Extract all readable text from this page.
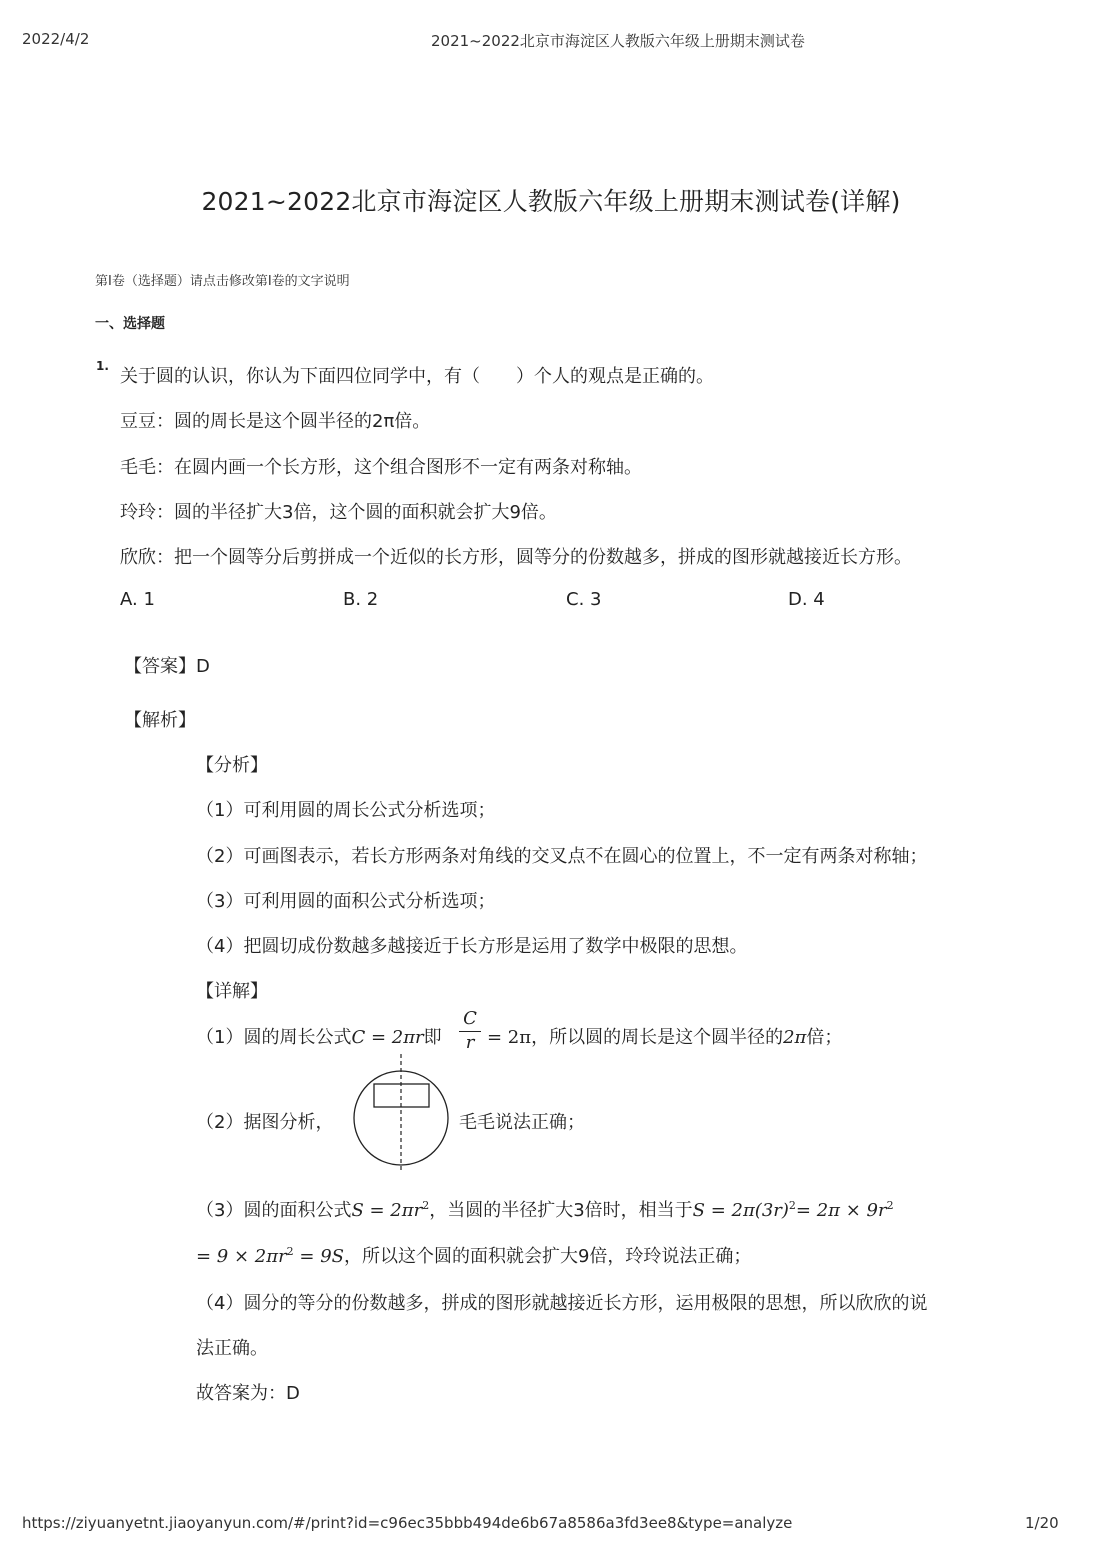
2022/4/2	2021~2022北京市海淀区人教版六年级上册期末测试卷
2021~2022北京市海淀区人教版六年级上册期末测试卷(详解)
第Ⅰ卷（选择题）请点击修改第Ⅰ卷的文字说明
一、选择题
1. 关于圆的认识，你认为下面四位同学中，有（　　）个人的观点是正确的。
豆豆：圆的周长是这个圆半径的2π倍。
毛毛：在圆内画一个长方形，这个组合图形不一定有两条对称轴。
玲玲：圆的半径扩大3倍，这个圆的面积就会扩大9倍。
欣欣：把一个圆等分后剪拼成一个近似的长方形，圆等分的份数越多，拼成的图形就越接近长方形。
A. 1	B. 2	C. 3	D. 4
【答案】D
【解析】
【分析】
（1）可利用圆的周长公式分析选项；
（2）可画图表示，若长方形两条对角线的交叉点不在圆心的位置上，不一定有两条对称轴；
（3）可利用圆的面积公式分析选项；
（4）把圆切成份数越多越接近于长方形是运用了数学中极限的思想。
【详解】
（1）圆的周长公式C = 2πr即 $\frac{C}{r} = 2\pi$，所以圆的周长是这个圆半径的2π倍；
（2）据图分析，	毛毛说法正确；
（3）圆的面积公式$S = 2\pi r^2$，当圆的半径扩大3倍时，相当于$S = 2\pi(3r)^2= 2\pi \times 9r^2$
= $9 \times 2\pi r^2 = 9S$，所以这个圆的面积就会扩大9倍，玲玲说法正确；
（4）圆分的等分的份数越多，拼成的图形就越接近长方形，运用极限的思想，所以欣欣的说
法正确。
故答案为：D
https://ziyuanyetnt.jiaoyanyun.com/#/print?id=c96ec35bbb494de6b67a8586a3fd3ee8&type=analyze	1/20
